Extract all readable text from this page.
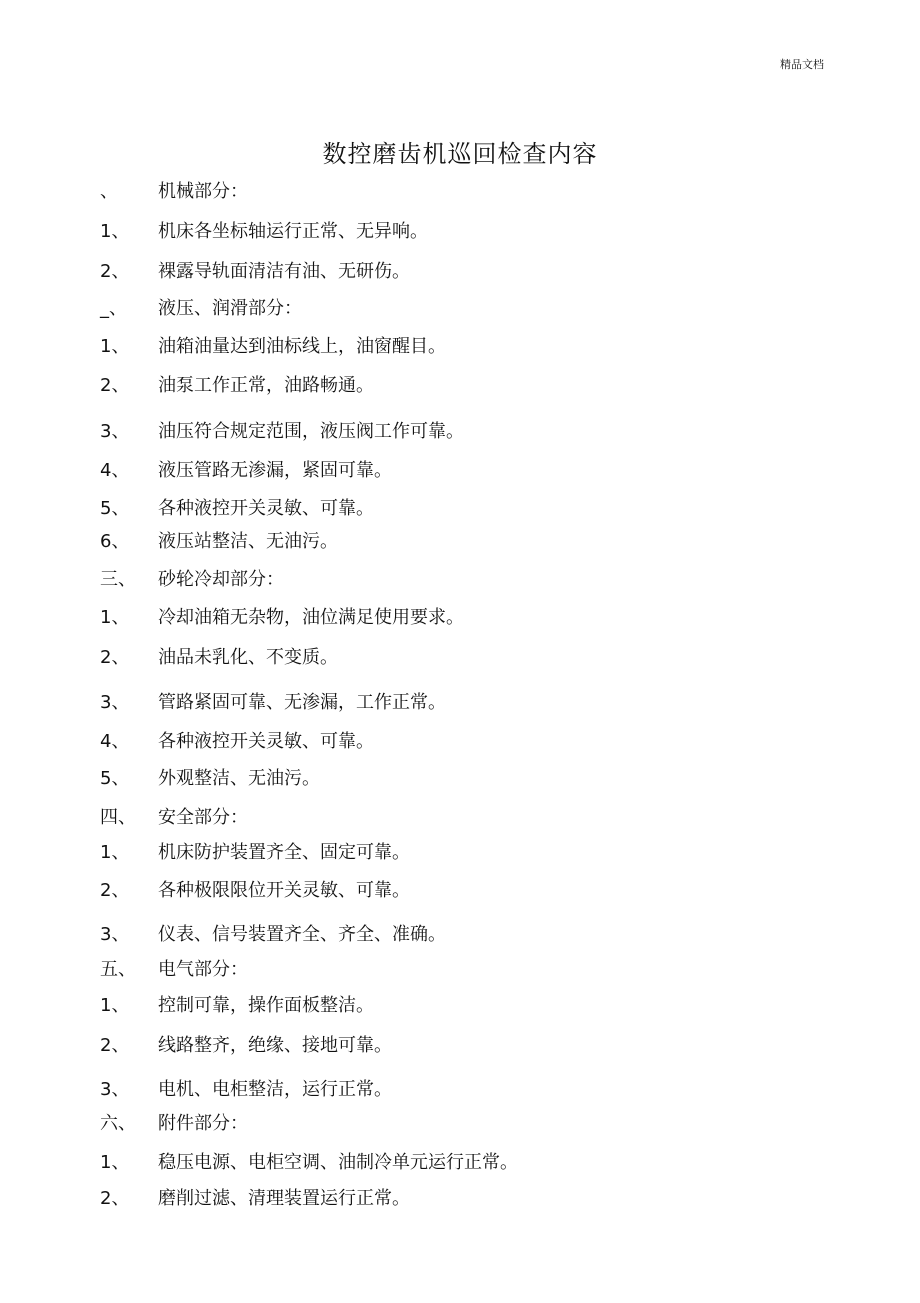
精品文档
数控磨齿机巡回检查内容
、	机械部分：
1、	机床各坐标轴运行正常、无异响。
2、	裸露导轨面清洁有油、无研伤。
_、	液压、润滑部分：
1、	油箱油量达到油标线上，油窗醒目。
2、	油泵工作正常，油路畅通。
3、	油压符合规定范围，液压阀工作可靠。
4、	液压管路无渗漏，紧固可靠。
5、	各种液控开关灵敏、可靠。
6、	液压站整洁、无油污。
三、	砂轮冷却部分：
1、	冷却油箱无杂物，油位满足使用要求。
2、	油品未乳化、不变质。
3、	管路紧固可靠、无渗漏，工作正常。
4、	各种液控开关灵敏、可靠。
5、	外观整洁、无油污。
四、	安全部分：
1、	机床防护装置齐全、固定可靠。
2、	各种极限限位开关灵敏、可靠。
3、	仪表、信号装置齐全、齐全、准确。
五、	电气部分：
1、	控制可靠，操作面板整洁。
2、	线路整齐，绝缘、接地可靠。
3、	电机、电柜整洁，运行正常。
六、	附件部分：
1、	稳压电源、电柜空调、油制冷单元运行正常。
2、	磨削过滤、清理装置运行正常。
